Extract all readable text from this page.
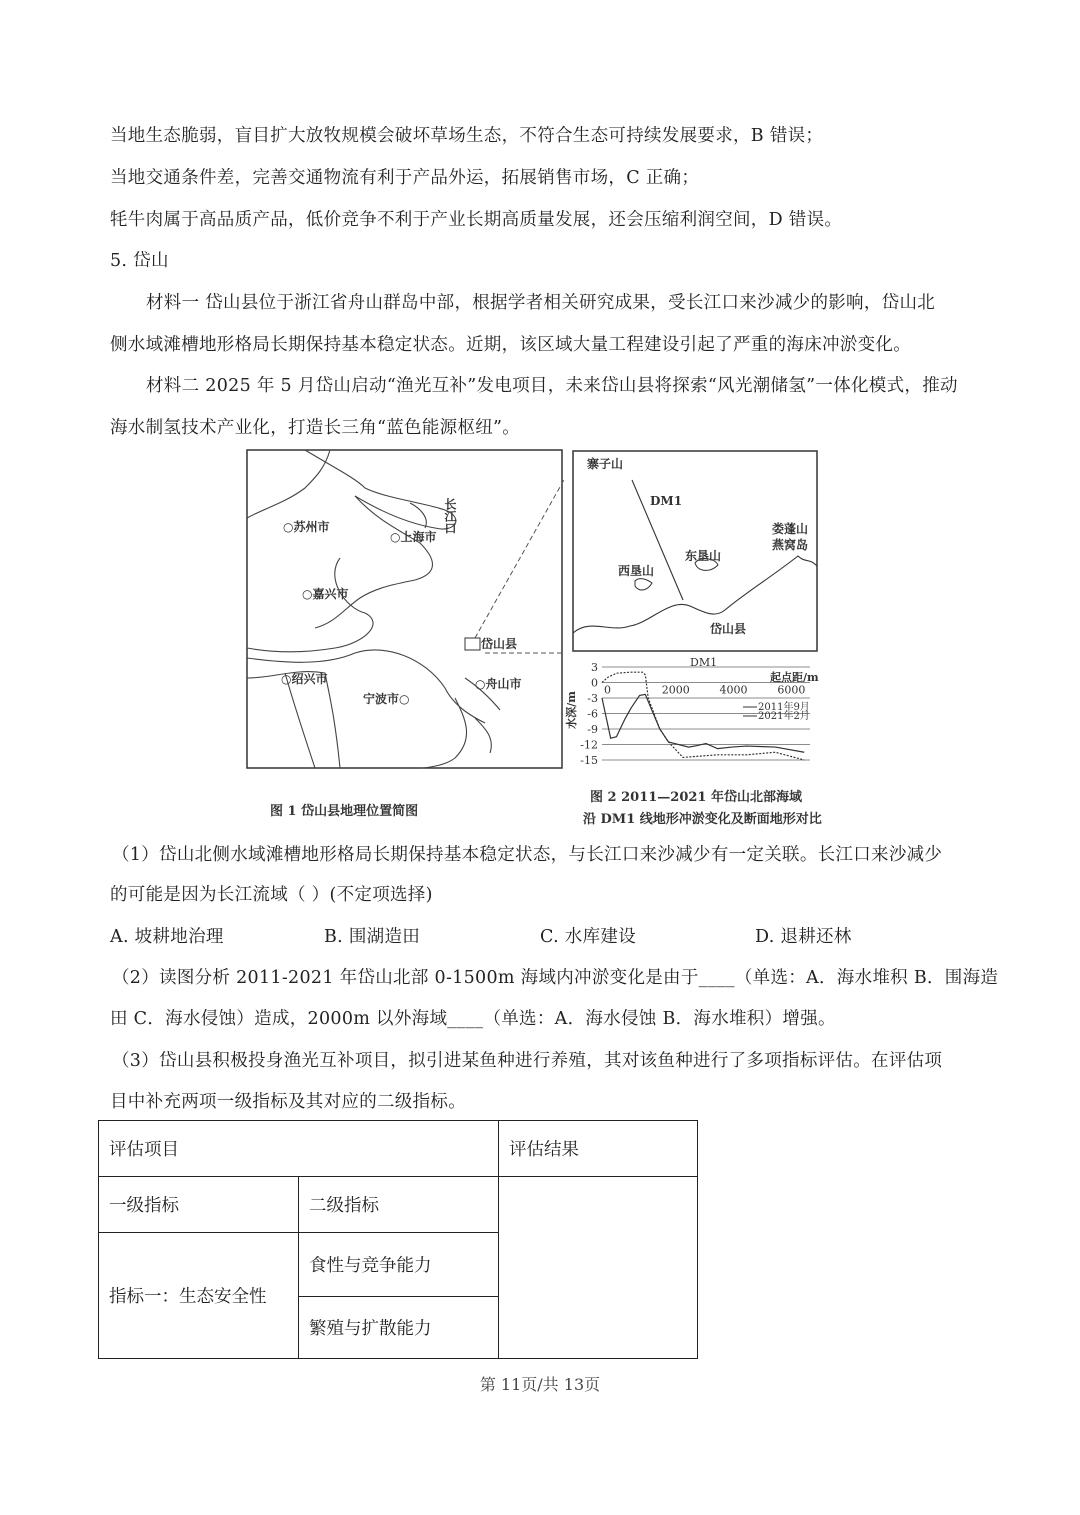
当地生态脆弱，盲目扩大放牧规模会破坏草场生态，不符合生态可持续发展要求，B 错误；
当地交通条件差，完善交通物流有利于产品外运，拓展销售市场，C 正确；
牦牛肉属于高品质产品，低价竞争不利于产业长期高质量发展，还会压缩利润空间，D 错误。
5. 岱山
材料一 岱山县位于浙江省舟山群岛中部，根据学者相关研究成果，受长江口来沙减少的影响，岱山北
侧水域滩槽地形格局长期保持基本稳定状态。近期，该区域大量工程建设引起了严重的海床冲淤变化。
材料二 2025 年 5 月岱山启动“渔光互补”发电项目，未来岱山县将探索“风光潮储氢”一体化模式，推动
海水制氢技术产业化，打造长三角“蓝色能源枢纽”。
○苏州市
○上海市
○嘉兴市
○绍兴市
宁波市○
○舟山市
岱山县
长江口
寨子山
DM1
西垦山
东垦山
娄蓬山
燕窝岛
岱山县
DM1
起点距/m
水深/m
3
0
-3
-6
-9
-12
-15
0	2000	4000	6000
2011年9月
2021年2月
图 1 岱山县地理位置简图
图 2 2011—2021 年岱山北部海域
沿 DM1 线地形冲淤变化及断面地形对比
（1）岱山北侧水域滩槽地形格局长期保持基本稳定状态，与长江口来沙减少有一定关联。长江口来沙减少
的可能是因为长江流域（ ）(不定项选择)
A. 坡耕地治理	B. 围湖造田	C. 水库建设	D. 退耕还林
（2）读图分析 2011-2021 年岱山北部 0-1500m 海域内冲淤变化是由于____（单选：A．海水堆积 B．围海造
田 C．海水侵蚀）造成，2000m 以外海域____（单选：A．海水侵蚀 B．海水堆积）增强。
（3）岱山县积极投身渔光互补项目，拟引进某鱼种进行养殖，其对该鱼种进行了多项指标评估。在评估项
目中补充两项一级指标及其对应的二级指标。
评估项目		评估结果
一级指标	二级指标	
指标一：生态安全性	食性与竞争能力	
	繁殖与扩散能力	
第 11页/共 13页
